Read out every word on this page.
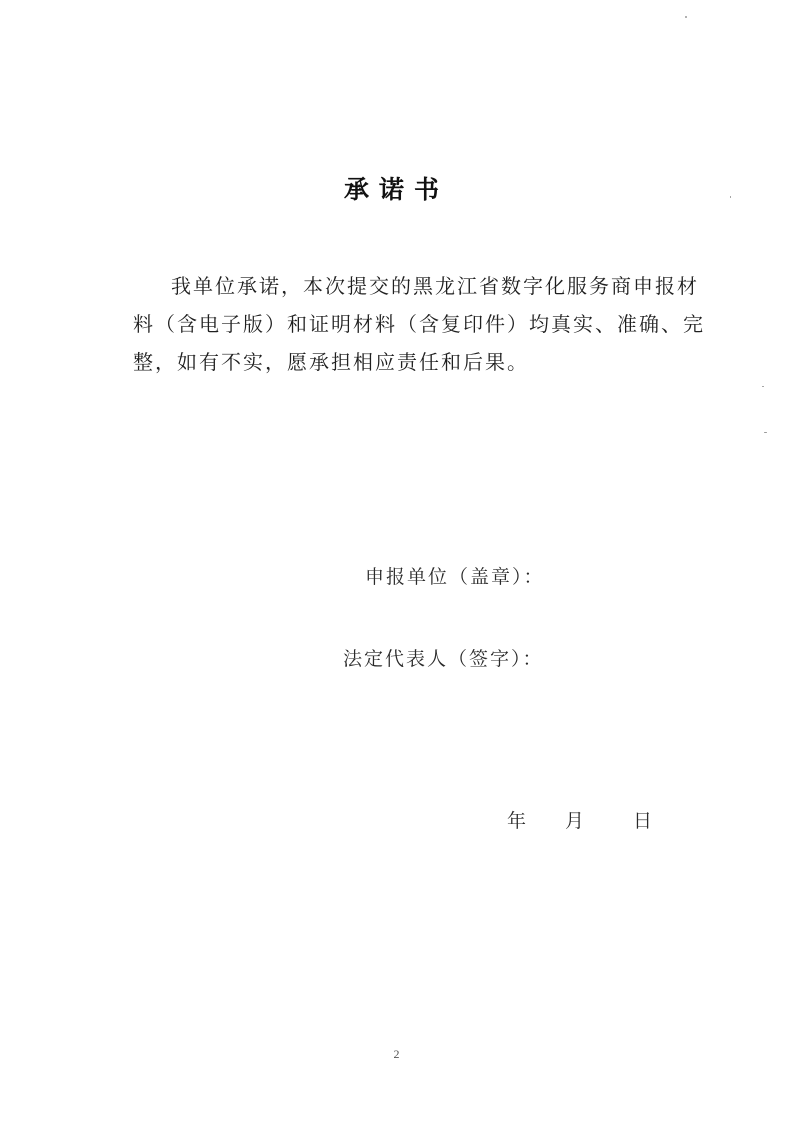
承诺书
我单位承诺，本次提交的黑龙江省数字化服务商申报材
料（含电子版）和证明材料（含复印件）均真实、准确、完
整，如有不实，愿承担相应责任和后果。
申报单位（盖章）：
法定代表人（签字）：
年 月	日
2
